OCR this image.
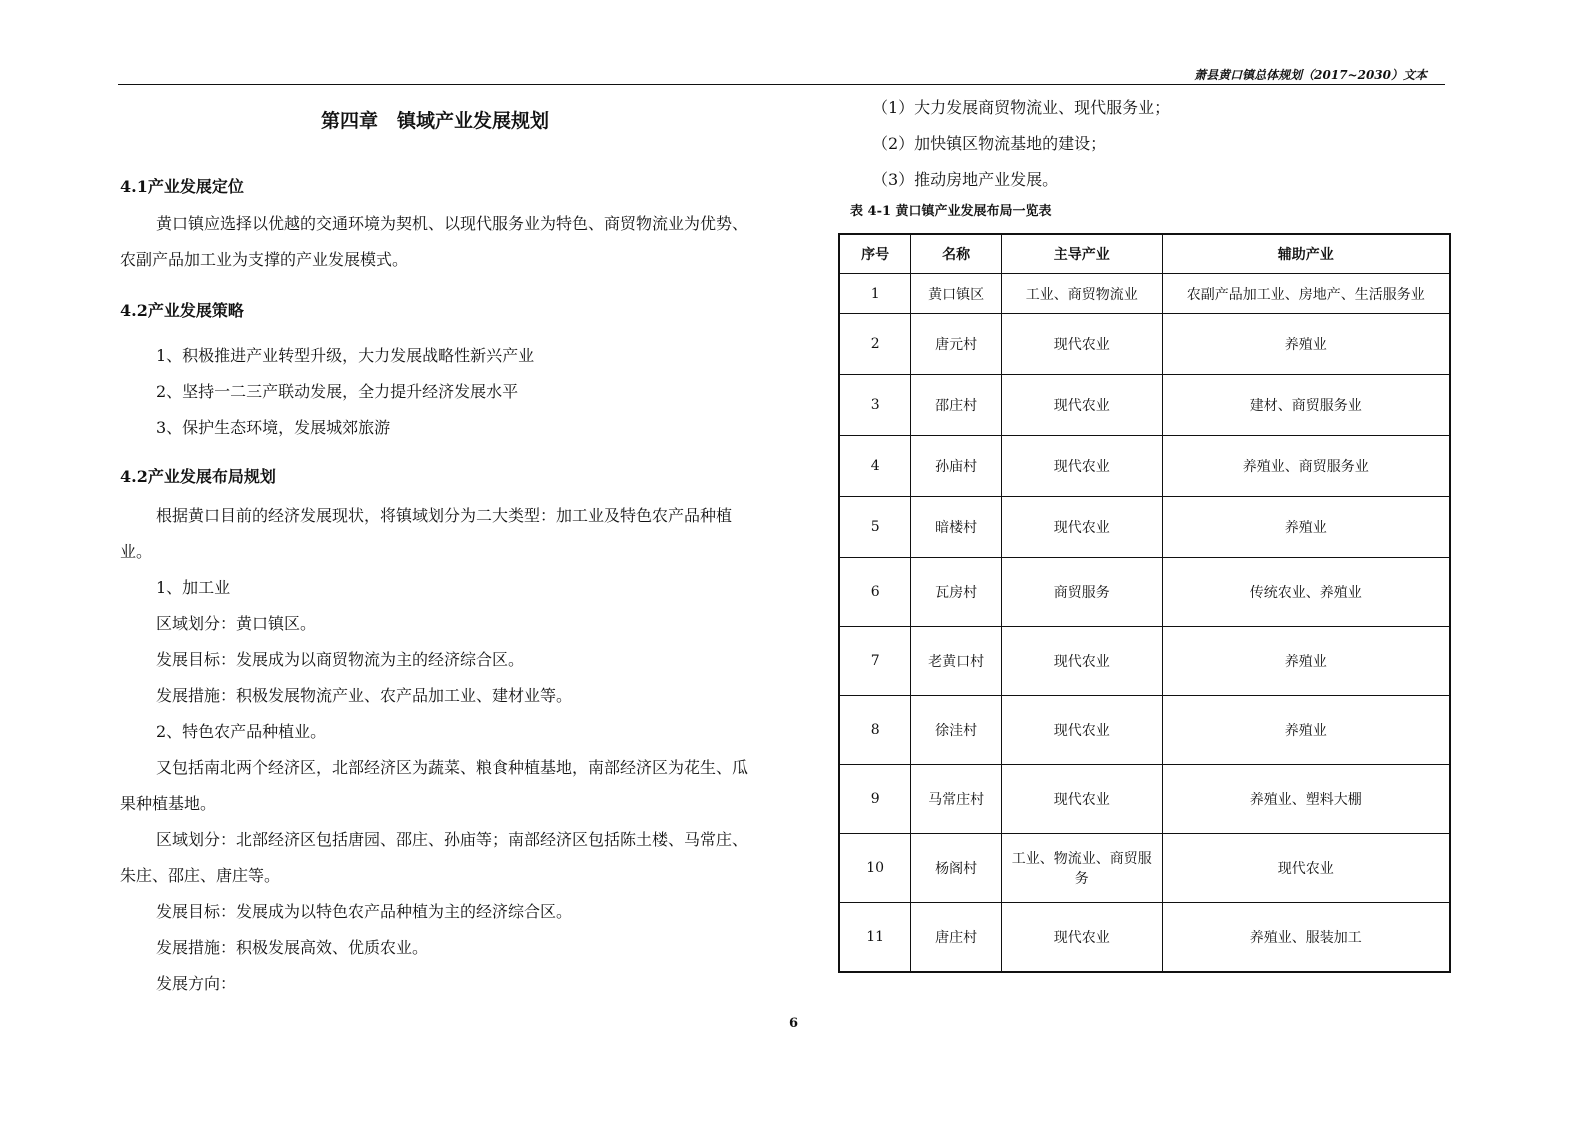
萧县黄口镇总体规划（2017~2030）文本
第四章　镇域产业发展规划
4.1产业发展定位

黄口镇应选择以优越的交通环境为契机、以现代服务业为特色、商贸物流业为优势、农副产品加工业为支撑的产业发展模式。

4.2产业发展策略

1、积极推进产业转型升级，大力发展战略性新兴产业

2、坚持一二三产联动发展，全力提升经济发展水平

3、保护生态环境，发展城郊旅游

4.2产业发展布局规划

根据黄口目前的经济发展现状，将镇域划分为二大类型：加工业及特色农产品种植业。

1、加工业

区域划分：黄口镇区。

发展目标：发展成为以商贸物流为主的经济综合区。

发展措施：积极发展物流产业、农产品加工业、建材业等。

2、特色农产品种植业。

又包括南北两个经济区，北部经济区为蔬菜、粮食种植基地，南部经济区为花生、瓜果种植基地。

区域划分：北部经济区包括唐园、邵庄、孙庙等；南部经济区包括陈土楼、马常庄、朱庄、邵庄、唐庄等。

发展目标：发展成为以特色农产品种植为主的经济综合区。

发展措施：积极发展高效、优质农业。

发展方向：

（1）大力发展商贸物流业、现代服务业；

（2）加快镇区物流基地的建设；

（3）推动房地产业发展。

表 4-1 黄口镇产业发展布局一览表
序号	名称	主导产业	辅助产业
1	黄口镇区	工业、商贸物流业	农副产品加工业、房地产、生活服务业
2	唐元村	现代农业	养殖业
3	邵庄村	现代农业	建材、商贸服务业
4	孙庙村	现代农业	养殖业、商贸服务业
5	暗楼村	现代农业	养殖业
6	瓦房村	商贸服务	传统农业、养殖业
7	老黄口村	现代农业	养殖业
8	徐洼村	现代农业	养殖业
9	马常庄村	现代农业	养殖业、塑料大棚
10	杨阁村	工业、物流业、商贸服务	现代农业
11	唐庄村	现代农业	养殖业、服装加工
6
